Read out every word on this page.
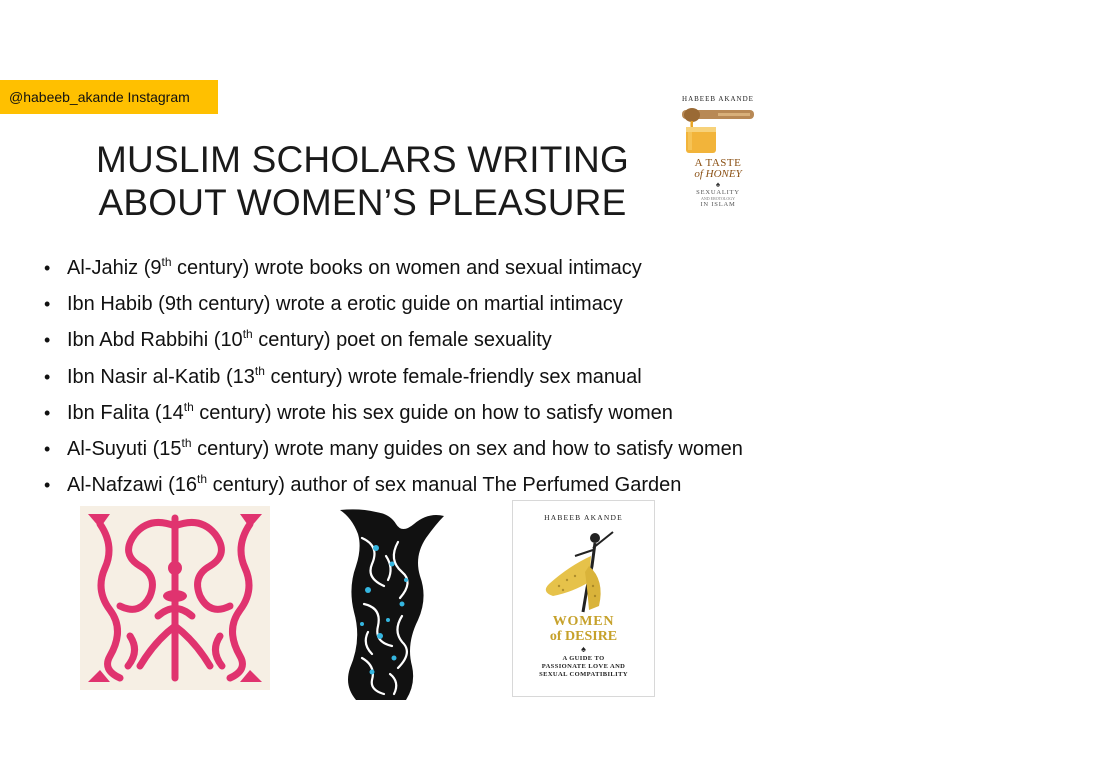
@habeeb_akande Instagram
MUSLIM SCHOLARS WRITING
ABOUT WOMEN’S PLEASURE
• Al-Jahiz (9th century) wrote books on women and sexual intimacy
• Ibn Habib (9th century) wrote a erotic guide on martial intimacy
• Ibn Abd Rabbihi (10th century) poet on female sexuality
• Ibn Nasir al-Katib (13th century) wrote female-friendly sex manual
• Ibn Falita (14th century) wrote his sex guide on how to satisfy women
• Al-Suyuti (15th century) wrote many guides on sex and how to satisfy women
• Al-Nafzawi (16th century) author of sex manual The Perfumed Garden
HABEEB AKANDE
A TASTE
of HONEY
♠
SEXUALITY
AND EROTOLOGY
IN ISLAM
HABEEB AKANDE
WOMEN
of DESIRE
♠
A GUIDE TO
PASSIONATE LOVE AND
SEXUAL COMPATIBILITY
